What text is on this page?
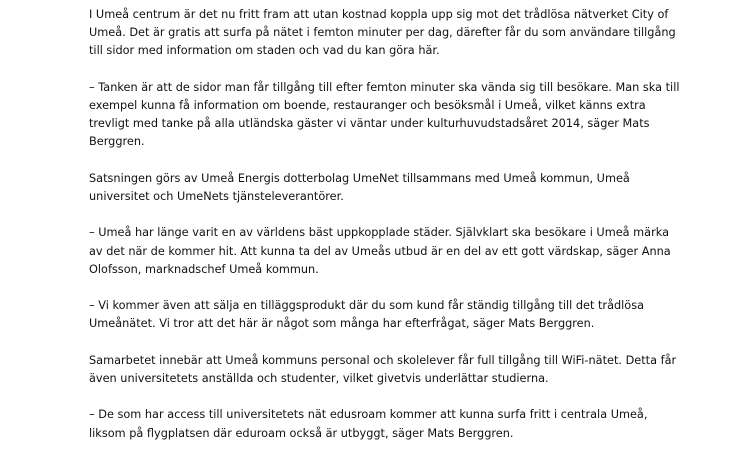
I Umeå centrum är det nu fritt fram att utan kostnad koppla upp sig mot det trådlösa nätverket City of
Umeå. Det är gratis att surfa på nätet i femton minuter per dag, därefter får du som användare tillgång
till sidor med information om staden och vad du kan göra här.

– Tanken är att de sidor man får tillgång till efter femton minuter ska vända sig till besökare. Man ska till
exempel kunna få information om boende, restauranger och besöksmål i Umeå, vilket känns extra
trevligt med tanke på alla utländska gäster vi väntar under kulturhuvudstadsåret 2014, säger Mats
Berggren.

Satsningen görs av Umeå Energis dotterbolag UmeNet tillsammans med Umeå kommun, Umeå
universitet och UmeNets tjänsteleverantörer.

– Umeå har länge varit en av världens bäst uppkopplade städer. Självklart ska besökare i Umeå märka
av det när de kommer hit. Att kunna ta del av Umeås utbud är en del av ett gott värdskap, säger Anna
Olofsson, marknadschef Umeå kommun.

– Vi kommer även att sälja en tilläggsprodukt där du som kund får ständig tillgång till det trådlösa
Umeånätet. Vi tror att det här är något som många har efterfrågat, säger Mats Berggren.

Samarbetet innebär att Umeå kommuns personal och skolelever får full tillgång till WiFi-nätet. Detta får
även universitetets anställda och studenter, vilket givetvis underlättar studierna.

– De som har access till universitetets nät edusroam kommer att kunna surfa fritt i centrala Umeå,
liksom på flygplatsen där eduroam också är utbyggt, säger Mats Berggren.
